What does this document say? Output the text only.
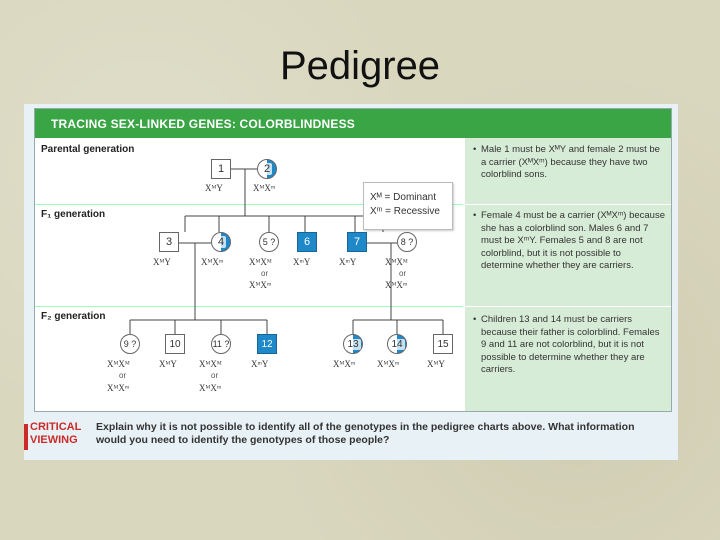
Pedigree
TRACING SEX-LINKED GENES: COLORBLINDNESS
Parental generation
F₁ generation
F₂ generation
1	2
XᴹY	XᴹXᵐ
Xᴹ = Dominant
Xᵐ = Recessive
3	4	5 ?	6	7	8 ?
XᴹY	XᴹXᵐ	XᴹXᴹ
or
XᴹXᵐ
XᵐY	XᵐY	XᴹXᴹ
or
XᴹXᵐ
9 ?	10	11 ?	12	13	14	15
XᴹXᴹ
or
XᴹXᵐ
XᴹY XᴹXᴹ
or
XᴹXᵐ
XᵐY	XᴹXᵐ XᴹXᵐ	XᴹY
• Male 1 must be XᴹY and female 2 must be a carrier (XᴹXᵐ) because they have two colorblind sons.
• Female 4 must be a carrier (XᴹXᵐ) because she has a colorblind son. Males 6 and 7 must be XᵐY. Females 5 and 8 are not colorblind, but it is not possible to determine whether they are carriers.
• Children 13 and 14 must be carriers because their father is colorblind. Females 9 and 11 are not colorblind, but it is not possible to determine whether they are carriers.
CRITICAL
VIEWING
Explain why it is not possible to identify all of the genotypes in the pedigree charts above. What information would you need to identify the genotypes of those people?
